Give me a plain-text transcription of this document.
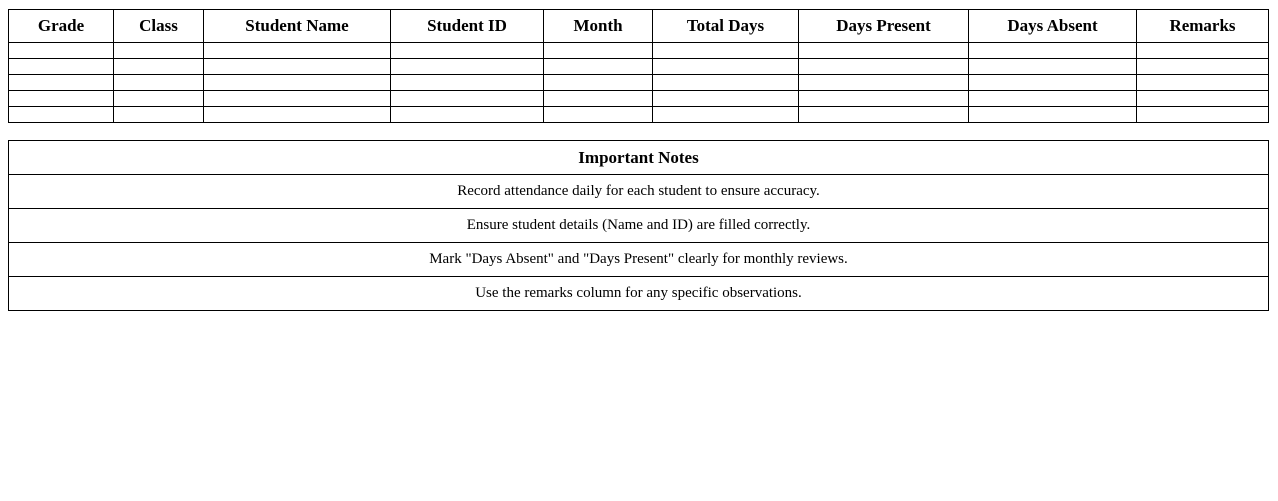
Grade	Class	Student Name	Student ID	Month	Total Days	Days Present	Days Absent	Remarks

Important Notes
Record attendance daily for each student to ensure accuracy.
Ensure student details (Name and ID) are filled correctly.
Mark "Days Absent" and "Days Present" clearly for monthly reviews.
Use the remarks column for any specific observations.
